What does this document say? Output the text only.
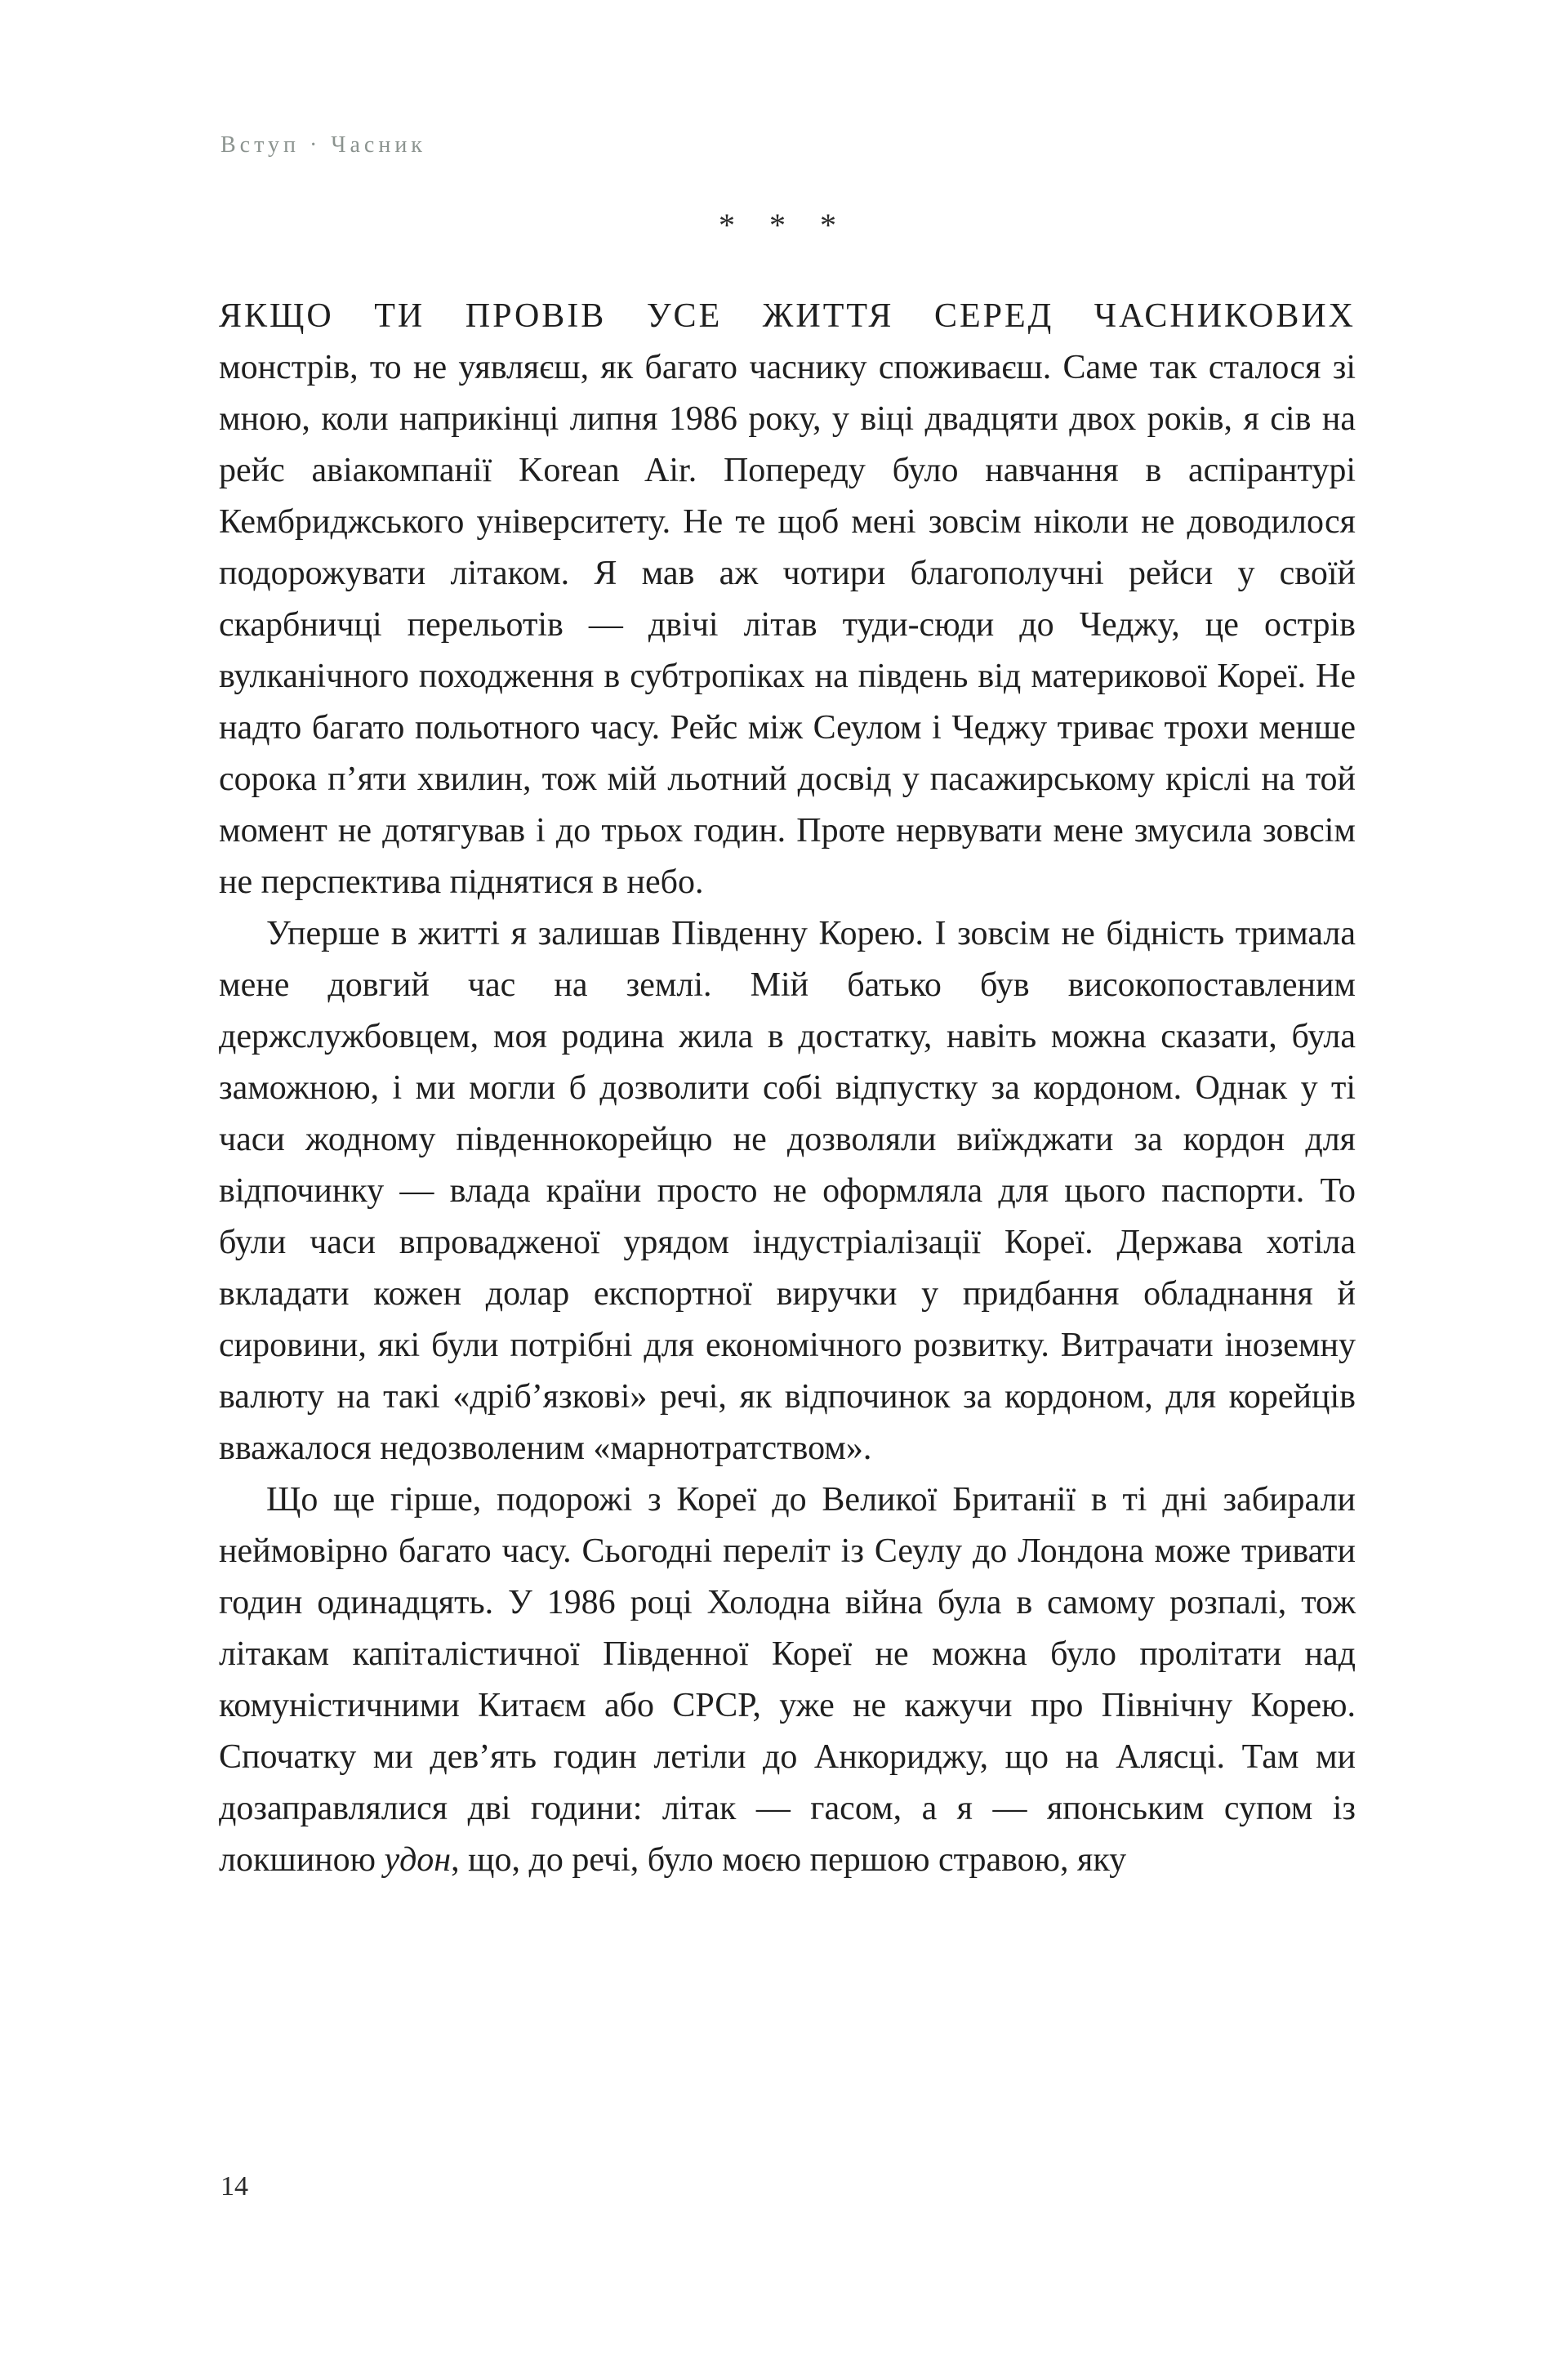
Вступ · Часник
* * *

ЯКЩО ТИ ПРОВІВ УСЕ ЖИТТЯ СЕРЕД ЧАСНИКОВИХ монстрів, то не уявляєш, як багато часнику споживаєш. Саме так сталося зі мною, коли наприкінці липня 1986 року, у віці двадцяти двох років, я сів на рейс авіакомпанії Korean Air. Попереду було навчання в аспірантурі Кембриджського університету. Не те щоб мені зовсім ніколи не доводилося подорожувати літаком. Я мав аж чотири благополучні рейси у своїй скарбничці перельотів — двічі літав туди-сюди до Чеджу, це острів вулканічного походження в субтропіках на південь від материкової Кореї. Не надто багато польотного часу. Рейс між Сеулом і Чеджу триває трохи менше сорока п’яти хвилин, тож мій льотний досвід у пасажирському кріслі на той момент не дотягував і до трьох годин. Проте нервувати мене змусила зовсім не перспектива піднятися в небо.

Уперше в житті я залишав Південну Корею. І зовсім не бідність тримала мене довгий час на землі. Мій батько був високопоставленим держслужбовцем, моя родина жила в достатку, навіть можна сказати, була заможною, і ми могли б дозволити собі відпустку за кордоном. Однак у ті часи жодному південнокорейцю не дозволяли виїжджати за кордон для відпочинку — влада країни просто не оформляла для цього паспорти. То були часи впровадженої урядом індустріалізації Кореї. Держава хотіла вкладати кожен долар експортної виручки у придбання обладнання й сировини, які були потрібні для економічного розвитку. Витрачати іноземну валюту на такі «дріб’язкові» речі, як відпочинок за кордоном, для корейців вважалося недозволеним «марнотратством».

Що ще гірше, подорожі з Кореї до Великої Британії в ті дні забирали неймовірно багато часу. Сьогодні переліт із Сеулу до Лондона може тривати годин одинадцять. У 1986 році Холодна війна була в самому розпалі, тож літакам капіталістичної Південної Кореї не можна було пролітати над комуністичними Китаєм або СРСР, уже не кажучи про Північну Корею. Спочатку ми дев’ять годин летіли до Анкориджу, що на Алясці. Там ми дозаправлялися дві години: літак — гасом, а я — японським супом із локшиною удон, що, до речі, було моєю першою стравою, яку

14
